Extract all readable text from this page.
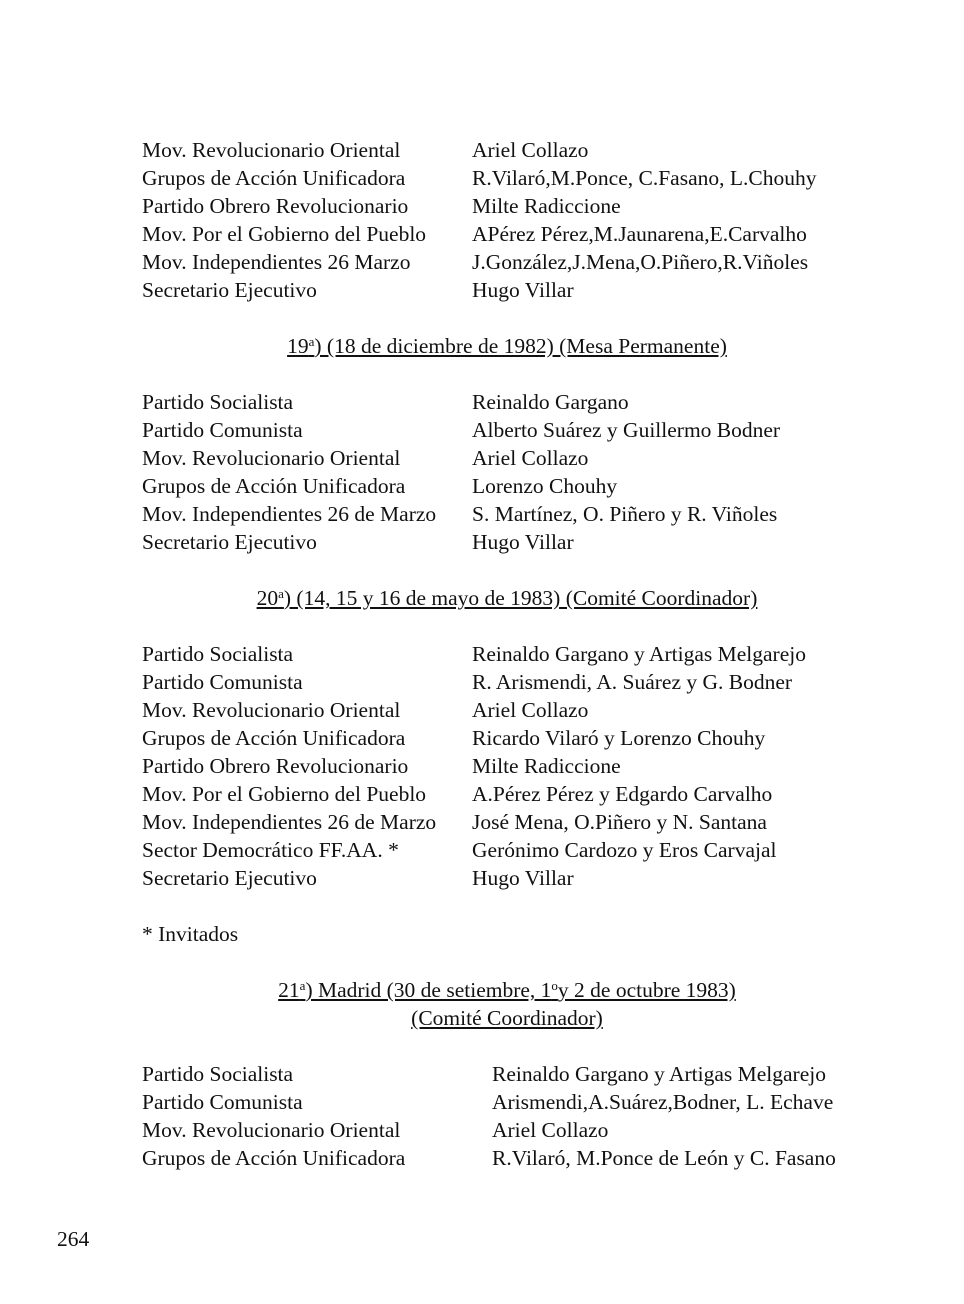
Mov. Revolucionario Oriental	Ariel Collazo
Grupos de Acción Unificadora	R.Vilaró,M.Ponce, C.Fasano, L.Chouhy
Partido Obrero Revolucionario	Milte Radiccione
Mov. Por el Gobierno del Pueblo	APérez Pérez,M.Jaunarena,E.Carvalho
Mov. Independientes 26 Marzo	J.González,J.Mena,O.Piñero,R.Viñoles
Secretario Ejecutivo	Hugo Villar
19$^a$) (18 de diciembre de 1982) (Mesa Permanente)
Partido Socialista	Reinaldo Gargano
Partido Comunista	Alberto Suárez y Guillermo Bodner
Mov. Revolucionario Oriental	Ariel Collazo
Grupos de Acción Unificadora	Lorenzo Chouhy
Mov. Independientes 26 de Marzo	S. Martínez, O. Piñero y R. Viñoles
Secretario Ejecutivo	Hugo Villar
20$^a$) (14, 15 y 16 de mayo de 1983) (Comité Coordinador)
Partido Socialista	Reinaldo Gargano y Artigas Melgarejo
Partido Comunista	R. Arismendi, A. Suárez y G. Bodner
Mov. Revolucionario Oriental	Ariel Collazo
Grupos de Acción Unificadora	Ricardo Vilaró y Lorenzo Chouhy
Partido Obrero Revolucionario	Milte Radiccione
Mov. Por el Gobierno del Pueblo	A.Pérez Pérez y Edgardo Carvalho
Mov. Independientes 26 de Marzo	José Mena, O.Piñero y N. Santana
Sector Democrático FF.AA. *	Gerónimo Cardozo y Eros Carvajal
Secretario Ejecutivo	Hugo Villar
* Invitados
21$^a$) Madrid (30 de setiembre, 1$^o$y 2 de octubre 1983)
(Comité Coordinador)
Partido Socialista	Reinaldo Gargano y Artigas Melgarejo
Partido Comunista	Arismendi,A.Suárez,Bodner, L. Echave
Mov. Revolucionario Oriental	Ariel Collazo
Grupos de Acción Unificadora	R.Vilaró, M.Ponce de León y C. Fasano
264
